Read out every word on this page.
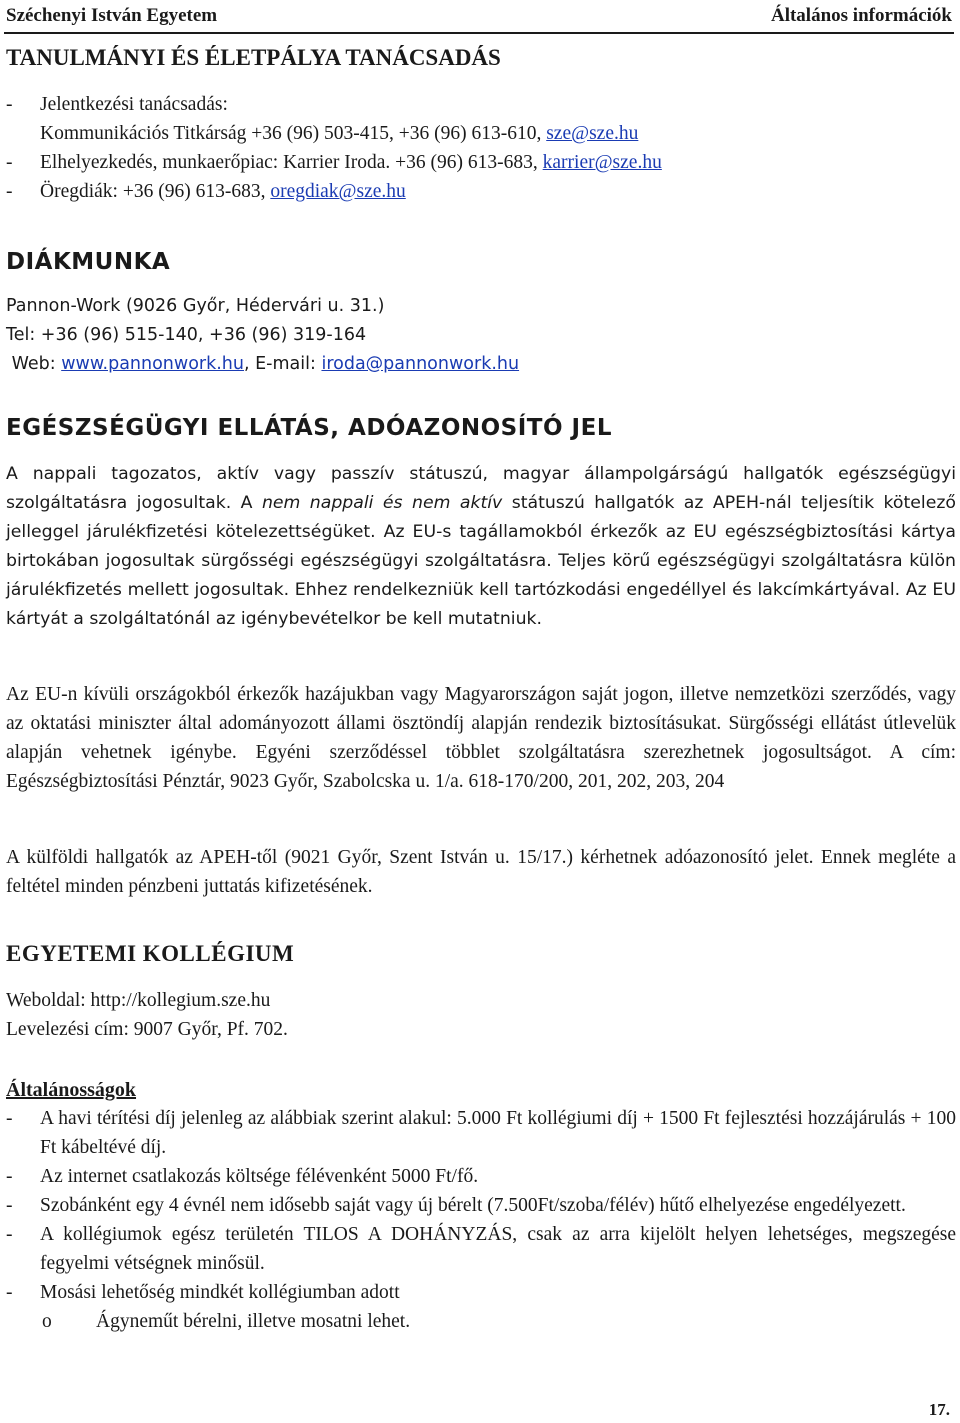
Széchenyi István Egyetem	Általános információk
TANULMÁNYI ÉS ÉLETPÁLYA TANÁCSADÁS
- Jelentkezési tanácsadás:
Kommunikációs Titkárság +36 (96) 503-415, +36 (96) 613-610, sze@sze.hu
- Elhelyezkedés, munkaerőpiac: Karrier Iroda. +36 (96) 613-683, karrier@sze.hu
- Öregdiák: +36 (96) 613-683, oregdiak@sze.hu
DIÁKMUNKA
Pannon-Work (9026 Győr, Hédervári u. 31.)
Tel: +36 (96) 515-140, +36 (96) 319-164
Web: www.pannonwork.hu, E-mail: iroda@pannonwork.hu
EGÉSZSÉGÜGYI ELLÁTÁS, ADÓAZONOSÍTÓ JEL

A nappali tagozatos, aktív vagy passzív státuszú, magyar állampolgárságú hallgatók egészségügyi szolgáltatásra jogosultak. A nem nappali és nem aktív státuszú hallgatók az APEH-nál teljesítik kötelező jelleggel járulékfizetési kötelezettségüket. Az EU-s tagállamokból érkezők az EU egészségbiztosítási kártya birtokában jogosultak sürgősségi egészségügyi szolgáltatásra. Teljes körű egészségügyi szolgáltatásra külön járulékfizetés mellett jogosultak. Ehhez rendelkezniük kell tartózkodási engedéllyel és lakcímkártyával. Az EU kártyát a szolgáltatónál az igénybevételkor be kell mutatniuk.

Az EU-n kívüli országokból érkezők hazájukban vagy Magyarországon saját jogon, illetve nemzetközi szerződés, vagy az oktatási miniszter által adományozott állami ösztöndíj alapján rendezik biztosításukat. Sürgősségi ellátást útlevelük alapján vehetnek igénybe. Egyéni szerződéssel többlet szolgáltatásra szerezhetnek jogosultságot. A cím: Egészségbiztosítási Pénztár, 9023 Győr, Szabolcska u. 1/a. 618-170/200, 201, 202, 203, 204

A külföldi hallgatók az APEH-től (9021 Győr, Szent István u. 15/17.) kérhetnek adóazonosító jelet. Ennek megléte a feltétel minden pénzbeni juttatás kifizetésének.

EGYETEMI KOLLÉGIUM
Weboldal: http://kollegium.sze.hu
Levelezési cím: 9007 Győr, Pf. 702.
Általánosságok
- A havi térítési díj jelenleg az alábbiak szerint alakul: 5.000 Ft kollégiumi díj + 1500 Ft fejlesztési hozzájárulás + 100 Ft kábeltévé díj.
- Az internet csatlakozás költsége félévenként 5000 Ft/fő.
- Szobánként egy 4 évnél nem idősebb saját vagy új bérelt (7.500Ft/szoba/félév) hűtő elhelyezése engedélyezett.
- A kollégiumok egész területén TILOS A DOHÁNYZÁS, csak az arra kijelölt helyen lehetséges, megszegése fegyelmi vétségnek minősül.
- Mosási lehetőség mindkét kollégiumban adott
o Ágyneműt bérelni, illetve mosatni lehet.
17.
